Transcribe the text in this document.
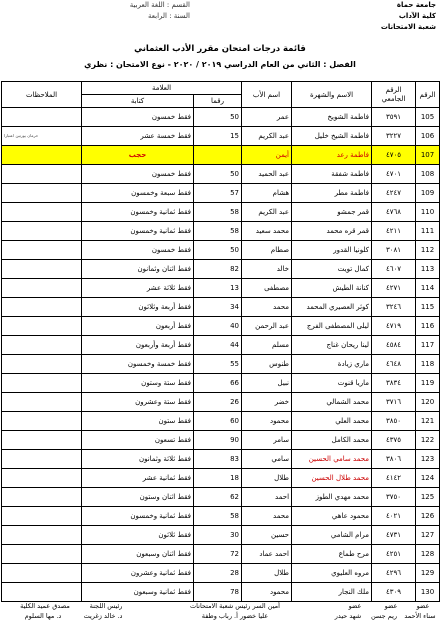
جامعة حماة
كلية الآداب
شعبة الامتحانات
القسم : اللغة العربية
السنة : الرابعة
قائمة درجات امتحان مقرر الأدب العثماني
الفصل : الثاني من العام الدراسي ٢٠١٩ / ٢٠٢٠ - نوع الامتحان : نظري
الملاحظات	العلامة		اسم الأب	الاسم والشهرة	الرقم الجامعي	الرقم
	كتابة	رقما				
	فقط خمسون	50	عمر	فاطمة الشويخ	٣٥٩١	105
حرمان يورتين اعتبارا	فقط خمسة عشر	15	عبد الكريم	فاطمة الشيخ خليل	٣٢٢٧	106
	حجب		أيمن	فاطمة رعد	٤٧٠٥	107
	فقط خمسون	50	عبد الحميد	فاطمة شفقة	٤٧٠١	108
	فقط سبعة وخمسون	57	هشام	فاطمة مطر	٤٢٤٧	109
	فقط ثمانية وخمسون	58	عبد الكريم	قمر جمشو	٤٧٦٨	110
	فقط ثمانية وخمسون	58	محمد سعيد	قمر قره محمد	٤٢١١	111
	فقط خمسون	50	صطام	كلونيا القدور	٣٠٨١	112
	فقط اثنان وثمانون	82	خالد	كمال تويت	٤٦٠٧	113
	فقط ثلاثة عشر	13	مصطفى	كنانة الطيش	٤٢٧١	114
	فقط أربعة وثلاثون	34	محمد	كوثر العصيري المحمد	٣٢٤٦	115
	فقط أربعون	40	عبد الرحمن	ليلى المصطفى الفرج	٤٧١٩	116
	فقط أربعة وأربعون	44	مسلم	لينا ريحان غناج	٤٥٨٤	117
	فقط خمسة وخمسون	55	طنوس	ماري زيادة	٤٦٤٨	118
	فقط ستة وستون	66	نبيل	ماريا قنوت	٣٨٣٤	119
	فقط ستة وعشرون	26	خضر	محمد الشمالي	٣٧١٦	120
	فقط ستون	60	محمود	محمد العلي	٣٨٥٠	121
	فقط تسعون	90	سامر	محمد الكامل	٤٣٧٥	122
	فقط ثلاثة وثمانون	83	سامي	محمد سامي الحسين	٣٨٠٦	123
	فقط ثمانية عشر	18	طلال	محمد طلال الحسين	٤١٤٢	124
	فقط اثنان وستون	62	احمد	محمد مهدي الطوز	٣٧٥٠	125
	فقط ثمانية وخمسون	58	محمد	محمود عاهي	٤٠٢١	126
	فقط ثلاثون	30	حسين	مرام الشامي	٤٧٣١	127
	فقط اثنان وسبعون	72	احمد عماد	مرح طماع	٤٢٥١	128
	فقط ثمانية وعشرون	28	طلال	مروه العليوي	٤٢٩٦	129
	فقط ثمانية وسبعون	78	محمود	ملك النجار	٤٣٠٩	130
عضو
عضو
عضو
سناء الأحمد
ريم جسن
شهد حيدر
أمين السر رئيس شعبة الامتحانات
عليا خضور أ. رباب وطفة
رئيس اللجنة
مصدق عميد الكلية
د. خالد زغريت
د. مها السلوم
